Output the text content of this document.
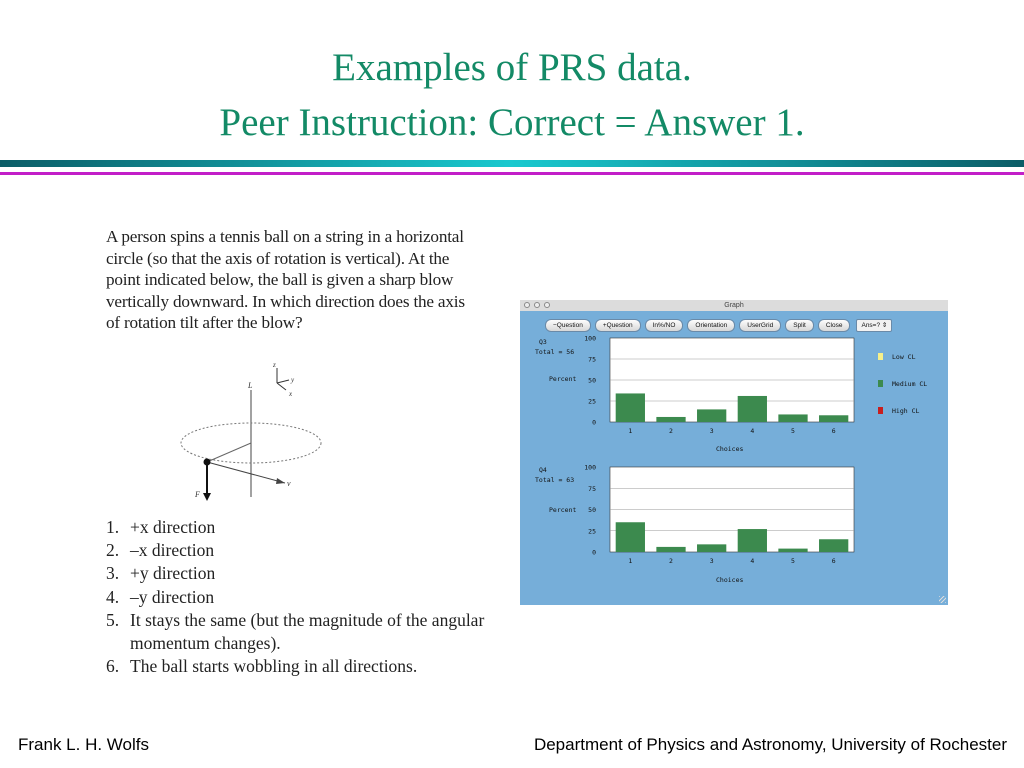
Examples of PRS data.
Peer Instruction: Correct = Answer 1.
A person spins a tennis ball on a string in a horizontal circle (so that the axis of rotation is vertical). At the point indicated below, the ball is given a sharp blow vertically downward. In which direction does the axis of rotation tilt after the blow?
L
F
v
z
y
x
1. +x direction
2. –x direction
3. +y direction
4. –y direction
5. It stays the same (but the magnitude of the angular momentum changes).
6. The ball starts wobbling in all directions.
Graph
−Question	+Question	In%/NO	Orientation	UserGrid	Split	Close	Ans=? ⇕
Q3
Total = 56
Percent
Choices
Q4
Total = 63
Percent
Choices
Low CL
Medium CL
High CL
0
25
50
75
100
1	2	3	4	5	6
0
25
50
75
100
1	2	3	4	5	6
Frank L. H. Wolfs	Department of Physics and Astronomy, University of Rochester
